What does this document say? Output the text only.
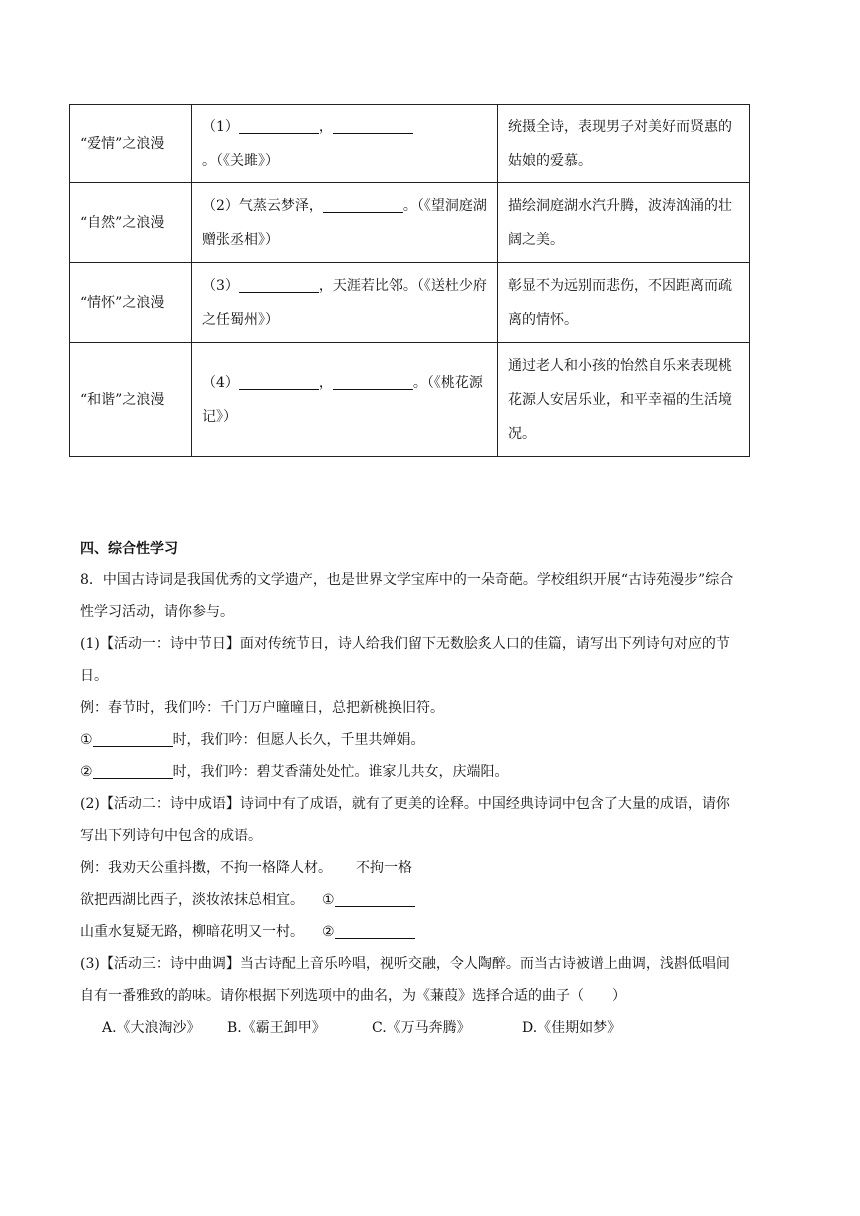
“爱情”之浪漫	（1） ，。（《关雎》）	统摄全诗，表现男子对美好而贤惠的姑娘的爱慕。
“自然”之浪漫	（2）气蒸云梦泽， 。（《望洞庭湖赠张丞相》）	描绘洞庭湖水汽升腾，波涛汹涌的壮阔之美。
“情怀”之浪漫	（3） ，天涯若比邻。（《送杜少府之任蜀州》）	彰显不为远别而悲伤，不因距离而疏离的情怀。
“和谐”之浪漫	（4） ， 。（《桃花源记》）	通过老人和小孩的怡然自乐来表现桃花源人安居乐业，和平幸福的生活境况。
四、综合性学习
8．中国古诗词是我国优秀的文学遗产，也是世界文学宝库中的一朵奇葩。学校组织开展“古诗苑漫步”综合
性学习活动，请你参与。
(1)【活动一：诗中节日】面对传统节日，诗人给我们留下无数脍炙人口的佳篇，请写出下列诗句对应的节
日。
例：春节时，我们吟：千门万户曈曈日，总把新桃换旧符。
①	时，我们吟：但愿人长久，千里共婵娟。
②	时，我们吟：碧艾香蒲处处忙。谁家儿共女，庆端阳。
(2)【活动二：诗中成语】诗词中有了成语，就有了更美的诠释。中国经典诗词中包含了大量的成语，请你
写出下列诗句中包含的成语。
例：我劝天公重抖擞，不拘一格降人材。 不拘一格
欲把西湖比西子，淡妆浓抹总相宜。 ①
山重水复疑无路，柳暗花明又一村。 ②
(3)【活动三：诗中曲调】当古诗配上音乐吟唱，视听交融，令人陶醉。而当古诗被谱上曲调，浅斟低唱间
自有一番雅致的韵味。请你根据下列选项中的曲名，为《蒹葭》选择合适的曲子（　　）
A.《大浪淘沙》 B.《霸王卸甲》	C.《万马奔腾》	D.《佳期如梦》
